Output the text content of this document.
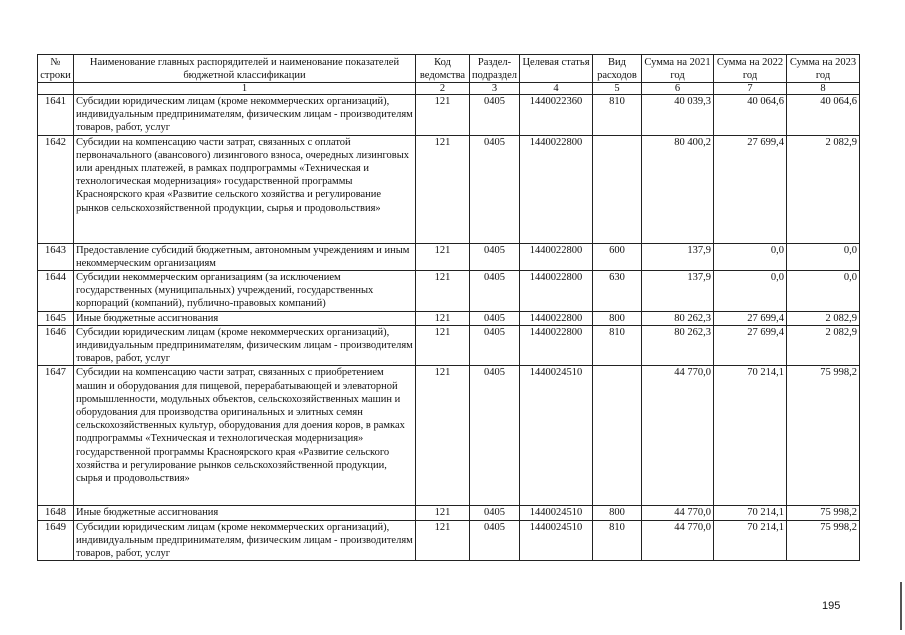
№ строки	Наименование главных распорядителей и наименование показателей бюджетной классификации	Код ведомства	Раздел-подраздел	Целевая статья	Вид расходов	Сумма на 2021 год	Сумма на 2022 год	Сумма на 2023 год
	1	2	3	4	5	6	7	8
1641	Субсидии юридическим лицам (кроме некоммерческих организаций), индивидуальным предпринимателям, физическим лицам - производителям товаров, работ, услуг	121	0405	1440022360	810	40 039,3	40 064,6	40 064,6
1642	Субсидии на компенсацию части затрат, связанных с оплатой первоначального (авансового) лизингового взноса, очередных лизинговых или арендных платежей, в рамках подпрограммы «Техническая и технологическая модернизация» государственной программы Красноярского края «Развитие сельского хозяйства и регулирование рынков сельскохозяйственной продукции, сырья и продовольствия»	121	0405	1440022800		80 400,2	27 699,4	2 082,9
1643	Предоставление субсидий бюджетным, автономным учреждениям и иным некоммерческим организациям	121	0405	1440022800	600	137,9	0,0	0,0
1644	Субсидии некоммерческим организациям (за исключением государственных (муниципальных) учреждений, государственных корпораций (компаний), публично-правовых компаний)	121	0405	1440022800	630	137,9	0,0	0,0
1645	Иные бюджетные ассигнования	121	0405	1440022800	800	80 262,3	27 699,4	2 082,9
1646	Субсидии юридическим лицам (кроме некоммерческих организаций), индивидуальным предпринимателям, физическим лицам - производителям товаров, работ, услуг	121	0405	1440022800	810	80 262,3	27 699,4	2 082,9
1647	Субсидии на компенсацию части затрат, связанных с приобретением машин и оборудования для пищевой, перерабатывающей и элеваторной промышленности, модульных объектов, сельскохозяйственных машин и оборудования для производства оригинальных и элитных семян сельскохозяйственных культур, оборудования для доения коров, в рамках подпрограммы «Техническая и технологическая модернизация» государственной программы Красноярского края «Развитие сельского хозяйства и регулирование рынков сельскохозяйственной продукции, сырья и продовольствия»	121	0405	1440024510		44 770,0	70 214,1	75 998,2
1648	Иные бюджетные ассигнования	121	0405	1440024510	800	44 770,0	70 214,1	75 998,2
1649	Субсидии юридическим лицам (кроме некоммерческих организаций), индивидуальным предпринимателям, физическим лицам - производителям товаров, работ, услуг	121	0405	1440024510	810	44 770,0	70 214,1	75 998,2
195
